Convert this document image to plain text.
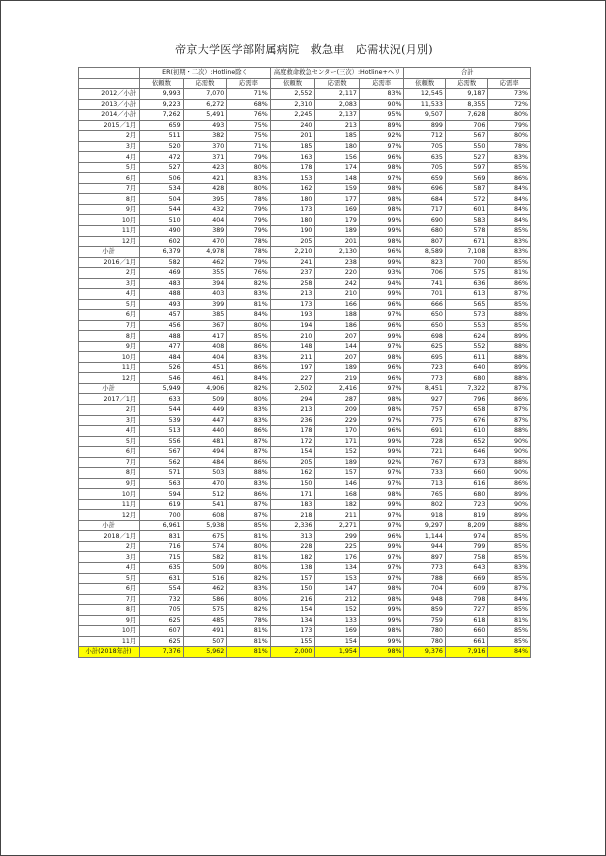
帝京大学医学部附属病院　救急車　応需状況(月別)
	ER(初期・二次）:Hotline除く			高度救命救急センター(三次）:Hotline+ヘリ			合計		
	依頼数	応需数	応需率	依頼数	応需数	応需率	依頼数	応需数	応需率
2012／小計	9,993	7,070	71%	2,552	2,117	83%	12,545	9,187	73%
2013／小計	9,223	6,272	68%	2,310	2,083	90%	11,533	8,355	72%
2014／小計	7,262	5,491	76%	2,245	2,137	95%	9,507	7,628	80%
2015／1月	659	493	75%	240	213	89%	899	706	79%
2月	511	382	75%	201	185	92%	712	567	80%
3月	520	370	71%	185	180	97%	705	550	78%
4月	472	371	79%	163	156	96%	635	527	83%
5月	527	423	80%	178	174	98%	705	597	85%
6月	506	421	83%	153	148	97%	659	569	86%
7月	534	428	80%	162	159	98%	696	587	84%
8月	504	395	78%	180	177	98%	684	572	84%
9月	544	432	79%	173	169	98%	717	601	84%
10月	510	404	79%	180	179	99%	690	583	84%
11月	490	389	79%	190	189	99%	680	578	85%
12月	602	470	78%	205	201	98%	807	671	83%
小計	6,379	4,978	78%	2,210	2,130	96%	8,589	7,108	83%
2016／1月	582	462	79%	241	238	99%	823	700	85%
2月	469	355	76%	237	220	93%	706	575	81%
3月	483	394	82%	258	242	94%	741	636	86%
4月	488	403	83%	213	210	99%	701	613	87%
5月	493	399	81%	173	166	96%	666	565	85%
6月	457	385	84%	193	188	97%	650	573	88%
7月	456	367	80%	194	186	96%	650	553	85%
8月	488	417	85%	210	207	99%	698	624	89%
9月	477	408	86%	148	144	97%	625	552	88%
10月	484	404	83%	211	207	98%	695	611	88%
11月	526	451	86%	197	189	96%	723	640	89%
12月	546	461	84%	227	219	96%	773	680	88%
小計	5,949	4,906	82%	2,502	2,416	97%	8,451	7,322	87%
2017／1月	633	509	80%	294	287	98%	927	796	86%
2月	544	449	83%	213	209	98%	757	658	87%
3月	539	447	83%	236	229	97%	775	676	87%
4月	513	440	86%	178	170	96%	691	610	88%
5月	556	481	87%	172	171	99%	728	652	90%
6月	567	494	87%	154	152	99%	721	646	90%
7月	562	484	86%	205	189	92%	767	673	88%
8月	571	503	88%	162	157	97%	733	660	90%
9月	563	470	83%	150	146	97%	713	616	86%
10月	594	512	86%	171	168	98%	765	680	89%
11月	619	541	87%	183	182	99%	802	723	90%
12月	700	608	87%	218	211	97%	918	819	89%
小計	6,961	5,938	85%	2,336	2,271	97%	9,297	8,209	88%
2018／1月	831	675	81%	313	299	96%	1,144	974	85%
2月	716	574	80%	228	225	99%	944	799	85%
3月	715	582	81%	182	176	97%	897	758	85%
4月	635	509	80%	138	134	97%	773	643	83%
5月	631	516	82%	157	153	97%	788	669	85%
6月	554	462	83%	150	147	98%	704	609	87%
7月	732	586	80%	216	212	98%	948	798	84%
8月	705	575	82%	154	152	99%	859	727	85%
9月	625	485	78%	134	133	99%	759	618	81%
10月	607	491	81%	173	169	98%	780	660	85%
11月	625	507	81%	155	154	99%	780	661	85%
小計(2018年計)	7,376	5,962	81%	2,000	1,954	98%	9,376	7,916	84%
